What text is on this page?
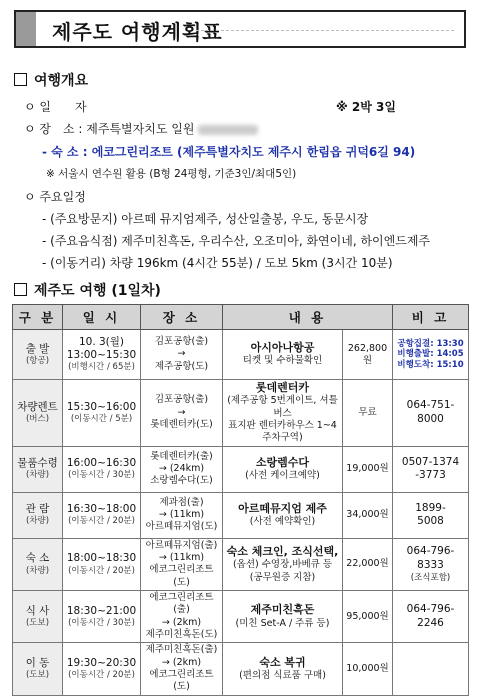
제주도 여행계획표
여행개요
ㅇ 일　　자	※ 2박 3일
ㅇ 장　소 : 제주특별자치도 일원
- 숙 소 : 에코그린리조트 (제주특별자치도 제주시 한림읍 귀덕6길 94)
※ 서울시 연수원 활용 (B형 24평형, 기준3인/최대5인)
ㅇ 주요일정
- (주요방문지) 아르떼 뮤지엄제주, 성산일출봉, 우도, 동문시장
- (주요음식점) 제주미친흑돈, 우리수산, 오조미아, 화연이네, 하이엔드제주
- (이동거리) 차량 196km (4시간 55분) / 도보 5km (3시간 10분)
제주도 여행 (1일차)
구 분	일 시	장 소	내 용		비 고
출 발
(항공)	10. 3(월)
13:00~15:30
(비행시간 / 65분)	김포공항(출)
→
제주공항(도)	아시아나항공
티켓 및 수하물확인	262,800원	공항집결: 13:30
비행출발: 14:05
비행도착: 15:10

차량렌트
(버스)	15:30~16:00
(이동시간 / 5분)	김포공항(출)
→
롯데렌터카(도)	롯데렌터카
(제주공항 5번게이트, 셔틀버스
표지판 렌터카하우스 1~4주차구역)	무료	064-751-
8000

물품수령
(차량)	16:00~16:30
(이동시간 / 30분)	롯데렌터카(출)
→ (24km)
소랑렘수다(도)	소랑렘수다
(사전 케이크예약)	19,000원	0507-1374
-3773

관 람
(차량)	16:30~18:00
(이동시간 / 20분)	제과점(출)
→ (11km)
아르떼뮤지엄(도)	아르떼뮤지엄 제주
(사전 예약확인)	34,000원	1899-
5008

숙 소
(차량)	18:00~18:30
(이동시간 / 20분)	아르떼뮤지엄(출)
→ (11km)
에코그린리조트(도)	숙소 체크인, 조식선택,
(옵션) 수영장,바베큐 등
(공무원증 지참)	22,000원	064-796-
8333
(조식포함)

식 사
(도보)	18:30~21:00
(이동시간 / 30분)	에코그린리조트(출)
→ (2km)
제주미친흑돈(도)	제주미친흑돈
(미친 Set-A / 주류 등)	95,000원	064-796-
2246

이 동
(도보)	19:30~20:30
(이동시간 / 20분)	제주미친흑돈(출)
→ (2km)
에코그린리조트(도)	숙소 복귀
(편의점 식료품 구매)	10,000원	
